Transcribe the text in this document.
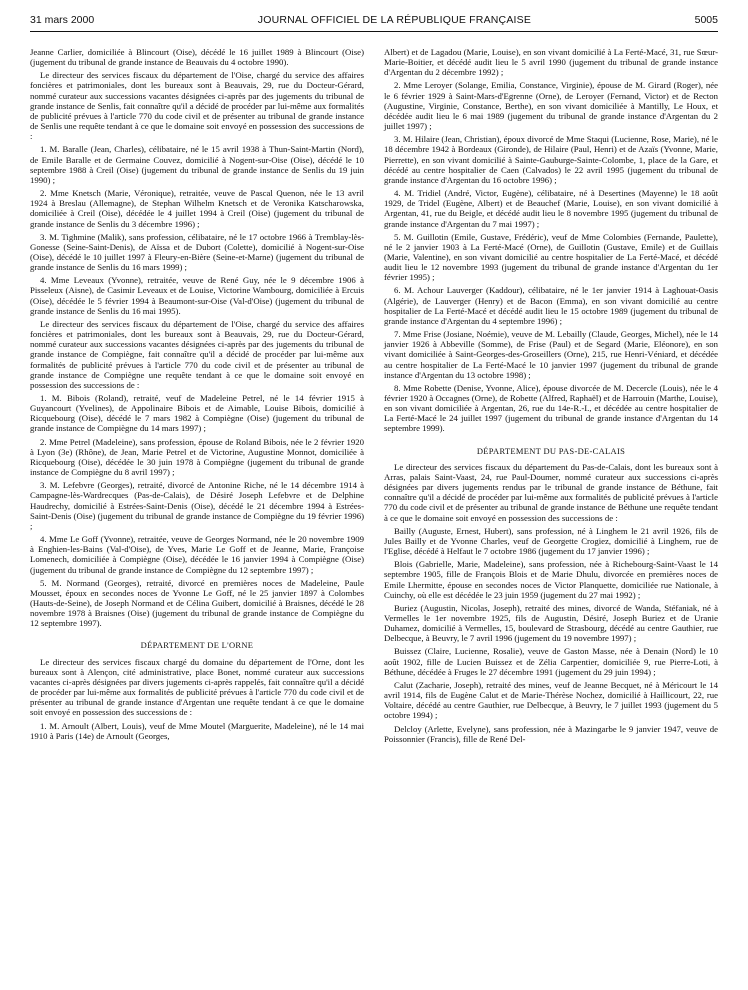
31 mars 2000	JOURNAL OFFICIEL DE LA RÉPUBLIQUE FRANÇAISE	5005

Jeanne Carlier, domiciliée à Blincourt (Oise), décédé le 16 juillet 1989 à Blincourt (Oise) (jugement du tribunal de grande instance de Beauvais du 4 octobre 1990).

Le directeur des services fiscaux du département de l'Oise, chargé du service des affaires foncières et patrimoniales, dont les bureaux sont à Beauvais, 29, rue du Docteur-Gérard, nommé curateur aux successions vacantes désignées ci-après par des jugements du tribunal de grande instance de Senlis, fait connaître qu'il a décidé de procéder par lui-même aux formalités de publicité prévues à l'article 770 du code civil et de présenter au tribunal de grande instance de Senlis une requête tendant à ce que le domaine soit envoyé en possession des successions de :

1. M. Baralle (Jean, Charles), célibataire, né le 15 avril 1938 à Thun-Saint-Martin (Nord), de Emile Baralle et de Germaine Couvez, domicilié à Nogent-sur-Oise (Oise), décédé le 10 septembre 1988 à Creil (Oise) (jugement du tribunal de grande instance de Senlis du 19 juin 1990) ;

2. Mme Knetsch (Marie, Véronique), retraitée, veuve de Pascal Quenon, née le 13 avril 1924 à Breslau (Allemagne), de Stephan Wilhelm Knetsch et de Veronika Katscharowska, domiciliée à Creil (Oise), décédée le 4 juillet 1994 à Creil (Oise) (jugement du tribunal de grande instance de Senlis du 3 décembre 1996) ;

3. M. Tighmine (Malik), sans profession, célibataire, né le 17 octobre 1966 à Tremblay-lès-Gonesse (Seine-Saint-Denis), de Aïssa et de Dubort (Colette), domicilié à Nogent-sur-Oise (Oise), décédé le 10 juillet 1997 à Fleury-en-Bière (Seine-et-Marne) (jugement du tribunal de grande instance de Senlis du 16 mars 1999) ;

4. Mme Leveaux (Yvonne), retraitée, veuve de René Guy, née le 9 décembre 1906 à Pisseleux (Aisne), de Casimir Leveaux et de Louise, Victorine Wambourg, domiciliée à Ercuis (Oise), décédée le 5 février 1994 à Beaumont-sur-Oise (Val-d'Oise) (jugement du tribunal de grande instance de Senlis du 16 mai 1995).

Le directeur des services fiscaux du département de l'Oise, chargé du service des affaires foncières et patrimoniales, dont les bureaux sont à Beauvais, 29, rue du Docteur-Gérard, nommé curateur aux successions vacantes désignées ci-après par des jugements du tribunal de grande instance de Compiègne, fait connaître qu'il a décidé de procéder par lui-même aux formalités de publicité prévues à l'article 770 du code civil et de présenter au tribunal de grande instance de Compiègne une requête tendant à ce que le domaine soit envoyé en possession des successions de :

1. M. Bibois (Roland), retraité, veuf de Madeleine Petrel, né le 14 février 1915 à Guyancourt (Yvelines), de Appolinaire Bibois et de Aimable, Louise Bibois, domicilié à Ricquebourg (Oise), décédé le 7 mars 1982 à Compiègne (Oise) (jugement du tribunal de grande instance de Compiègne du 14 mars 1997) ;

2. Mme Petrel (Madeleine), sans profession, épouse de Roland Bibois, née le 2 février 1920 à Lyon (3e) (Rhône), de Jean, Marie Petrel et de Victorine, Augustine Monnot, domiciliée à Ricquebourg (Oise), décédée le 30 juin 1978 à Compiègne (jugement du tribunal de grande instance de Compiègne du 8 avril 1997) ;

3. M. Lefebvre (Georges), retraité, divorcé de Antonine Riche, né le 14 décembre 1914 à Campagne-lès-Wardrecques (Pas-de-Calais), de Désiré Joseph Lefebvre et de Delphine Haudrechy, domicilié à Estrées-Saint-Denis (Oise), décédé le 21 décembre 1994 à Estrées-Saint-Denis (Oise) (jugement du tribunal de grande instance de Compiègne du 19 février 1996) ;

4. Mme Le Goff (Yvonne), retraitée, veuve de Georges Normand, née le 20 novembre 1909 à Enghien-les-Bains (Val-d'Oise), de Yves, Marie Le Goff et de Jeanne, Marie, Françoise Lomenech, domiciliée à Compiègne (Oise), décédée le 16 janvier 1994 à Compiègne (Oise) (jugement du tribunal de grande instance de Compiègne du 12 septembre 1997) ;

5. M. Normand (Georges), retraité, divorcé en premières noces de Madeleine, Paule Mousset, époux en secondes noces de Yvonne Le Goff, né le 25 janvier 1897 à Colombes (Hauts-de-Seine), de Joseph Normand et de Célina Guibert, domicilié à Braisnes, décédé le 28 novembre 1978 à Braisnes (Oise) (jugement du tribunal de grande instance de Compiègne du 12 septembre 1997).

DÉPARTEMENT DE L'ORNE

Le directeur des services fiscaux chargé du domaine du département de l'Orne, dont les bureaux sont à Alençon, cité administrative, place Bonet, nommé curateur aux successions vacantes ci-après désignées par divers jugements ci-après rappelés, fait connaître qu'il a décidé de procéder par lui-même aux formalités de publicité prévues à l'article 770 du code civil et de présenter au tribunal de grande instance d'Argentan une requête tendant à ce que le domaine soit envoyé en possession des successions de :

1. M. Arnoult (Albert, Louis), veuf de Mme Moutel (Marguerite, Madeleine), né le 14 mai 1910 à Paris (14e) de Arnoult (Georges,

Albert) et de Lagadou (Marie, Louise), en son vivant domicilié à La Ferté-Macé, 31, rue Sœur-Marie-Boitier, et décédé audit lieu le 5 avril 1990 (jugement du tribunal de grande instance d'Argentan du 2 décembre 1992) ;

2. Mme Leroyer (Solange, Emilia, Constance, Virginie), épouse de M. Girard (Roger), née le 6 février 1929 à Saint-Mars-d'Egrenne (Orne), de Leroyer (Fernand, Victor) et de Recton (Augustine, Virginie, Constance, Berthe), en son vivant domiciliée à Mantilly, Le Houx, et décédée audit lieu le 6 mai 1989 (jugement du tribunal de grande instance d'Argentan du 2 juillet 1997) ;

3. M. Hilaire (Jean, Christian), époux divorcé de Mme Staqui (Lucienne, Rose, Marie), né le 18 décembre 1942 à Bordeaux (Gironde), de Hilaire (Paul, Henri) et de Azaïs (Yvonne, Marie, Pierrette), en son vivant domicilié à Sainte-Gauburge-Sainte-Colombe, 1, place de la Gare, et décédé au centre hospitalier de Caen (Calvados) le 22 avril 1995 (jugement du tribunal de grande instance d'Argentan du 16 octobre 1996) ;

4. M. Tridiel (André, Victor, Eugène), célibataire, né à Desertines (Mayenne) le 18 août 1929, de Tridel (Eugène, Albert) et de Beauchef (Marie, Louise), en son vivant domicilié à Argentan, 41, rue du Beigle, et décédé audit lieu le 8 novembre 1995 (jugement du tribunal de grande instance d'Argentan du 7 mai 1997) ;

5. M. Guillotin (Emile, Gustave, Frédéric), veuf de Mme Colombies (Fernande, Paulette), né le 2 janvier 1903 à La Ferté-Macé (Orne), de Guillotin (Gustave, Emile) et de Guillais (Marie, Valentine), en son vivant domicilié au centre hospitalier de La Ferté-Macé, et décédé audit lieu le 12 novembre 1993 (jugement du tribunal de grande instance d'Argentan du 1er février 1995) ;

6. M. Achour Lauverger (Kaddour), célibataire, né le 1er janvier 1914 à Laghouat-Oasis (Algérie), de Lauverger (Henry) et de Bacon (Emma), en son vivant domicilié au centre hospitalier de La Ferté-Macé et décédé audit lieu le 15 octobre 1989 (jugement du tribunal de grande instance d'Argentan du 4 septembre 1996) ;

7. Mme Frise (Josiane, Noémie), veuve de M. Lebailly (Claude, Georges, Michel), née le 14 janvier 1926 à Abbeville (Somme), de Frise (Paul) et de Segard (Marie, Eléonore), en son vivant domiciliée à Saint-Georges-des-Groseillers (Orne), 215, rue Henri-Véniard, et décédée au centre hospitalier de La Ferté-Macé le 10 janvier 1997 (jugement du tribunal de grande instance d'Argentan du 13 octobre 1998) ;

8. Mme Robette (Denise, Yvonne, Alice), épouse divorcée de M. Decercle (Louis), née le 4 février 1920 à Occagnes (Orne), de Robette (Alfred, Raphaël) et de Harrouin (Marthe, Louise), en son vivant domiciliée à Argentan, 26, rue du 14e-R.-I., et décédée au centre hospitalier de La Ferté-Macé le 24 juillet 1997 (jugement du tribunal de grande instance d'Argentan du 14 septembre 1999).

DÉPARTEMENT DU PAS-DE-CALAIS

Le directeur des services fiscaux du département du Pas-de-Calais, dont les bureaux sont à Arras, palais Saint-Vaast, 24, rue Paul-Doumer, nommé curateur aux successions ci-après désignées par divers jugements rendus par le tribunal de grande instance de Béthune, fait connaître qu'il a décidé de procéder par lui-même aux formalités de publicité prévues à l'article 770 du code civil et de présenter au tribunal de grande instance de Béthune une requête tendant à ce que le domaine soit envoyé en possession des successions de :

Bailly (Auguste, Ernest, Hubert), sans profession, né à Linghem le 21 avril 1926, fils de Jules Bailly et de Yvonne Charles, veuf de Georgette Crogiez, domicilié à Linghem, rue de l'Eglise, décédé à Helfaut le 7 octobre 1986 (jugement du 17 janvier 1996) ;

Blois (Gabrielle, Marie, Madeleine), sans profession, née à Richebourg-Saint-Vaast le 14 septembre 1905, fille de François Blois et de Marie Dhulu, divorcée en premières noces de Emile Lhermitte, épouse en secondes noces de Victor Planquette, domiciliée rue Nationale, à Cuinchy, où elle est décédée le 23 juin 1959 (jugement du 27 mai 1992) ;

Buriez (Augustin, Nicolas, Joseph), retraité des mines, divorcé de Wanda, Stéfaniak, né à Vermelles le 1er novembre 1925, fils de Augustin, Désiré, Joseph Buriez et de Uranie Duhamez, domicilié à Vermelles, 15, boulevard de Strasbourg, décédé au centre Gauthier, rue Delbecque, à Beuvry, le 7 avril 1996 (jugement du 19 novembre 1997) ;

Buissez (Claire, Lucienne, Rosalie), veuve de Gaston Masse, née à Denain (Nord) le 10 août 1902, fille de Lucien Buissez et de Zélia Carpentier, domiciliée 9, rue Pierre-Loti, à Béthune, décédée à Fruges le 27 décembre 1991 (jugement du 29 juin 1994) ;

Calut (Zacharie, Joseph), retraité des mines, veuf de Jeanne Becquet, né à Méricourt le 14 avril 1914, fils de Eugène Calut et de Marie-Thérèse Nochez, domicilié à Haillicourt, 22, rue Voltaire, décédé au centre Gauthier, rue Delbecque, à Beuvry, le 7 juillet 1993 (jugement du 5 octobre 1994) ;

Delcloy (Arlette, Evelyne), sans profession, née à Mazingarbe le 9 janvier 1947, veuve de Poissonnier (Francis), fille de René Del-
